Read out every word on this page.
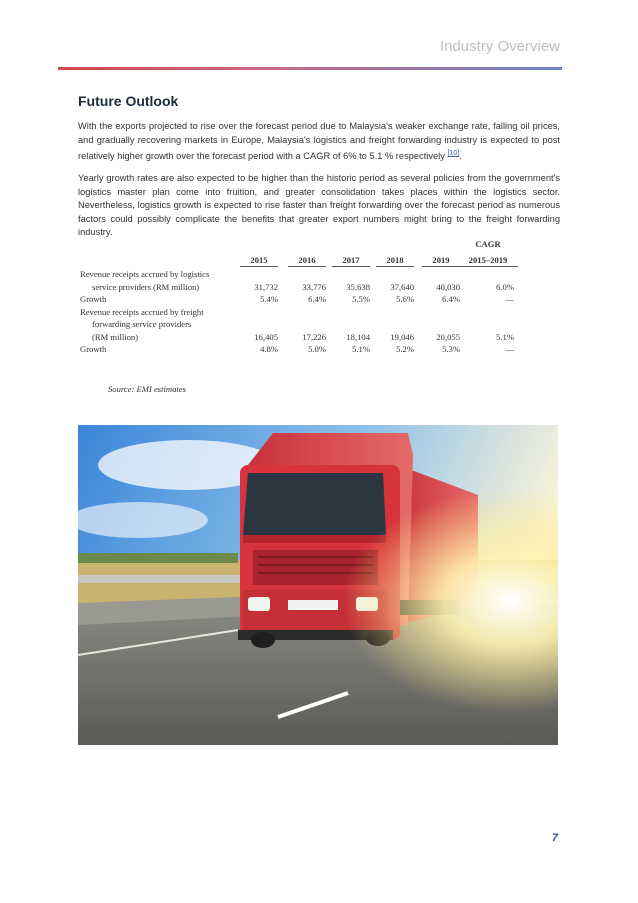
Industry Overview
Future Outlook

With the exports projected to rise over the forecast period due to Malaysia's weaker exchange rate, falling oil prices, and gradually recovering markets in Europe, Malaysia's logistics and freight forwarding industry is expected to post relatively higher growth over the forecast period with a CAGR of 6% to 5.1 % respectively [10].

Yearly growth rates are also expected to be higher than the historic period as several policies from the government's logistics master plan come into fruition, and greater consolidation takes places within the logistics sector. Nevertheless, logistics growth is expected to rise faster than freight forwarding over the forecast period as numerous factors could possibly complicate the benefits that greater export numbers might bring to the freight forwarding industry.

CAGR
2015	2016	2017	2018	2019	2015–2019
Revenue receipts accrued by logistics
service providers (RM million)	31,732	33,776	35,638	37,640	40,030	6.0%
Growth	5.4%	6.4%	5.5%	5.6%	6.4%	—
Revenue receipts accrued by freight
forwarding service providers
(RM million)	16,405	17,226	18,104	19,046	20,055	5.1%
Growth	4.8%	5.0%	5.1%	5.2%	5.3%	—
Source: EMI estimates
7
